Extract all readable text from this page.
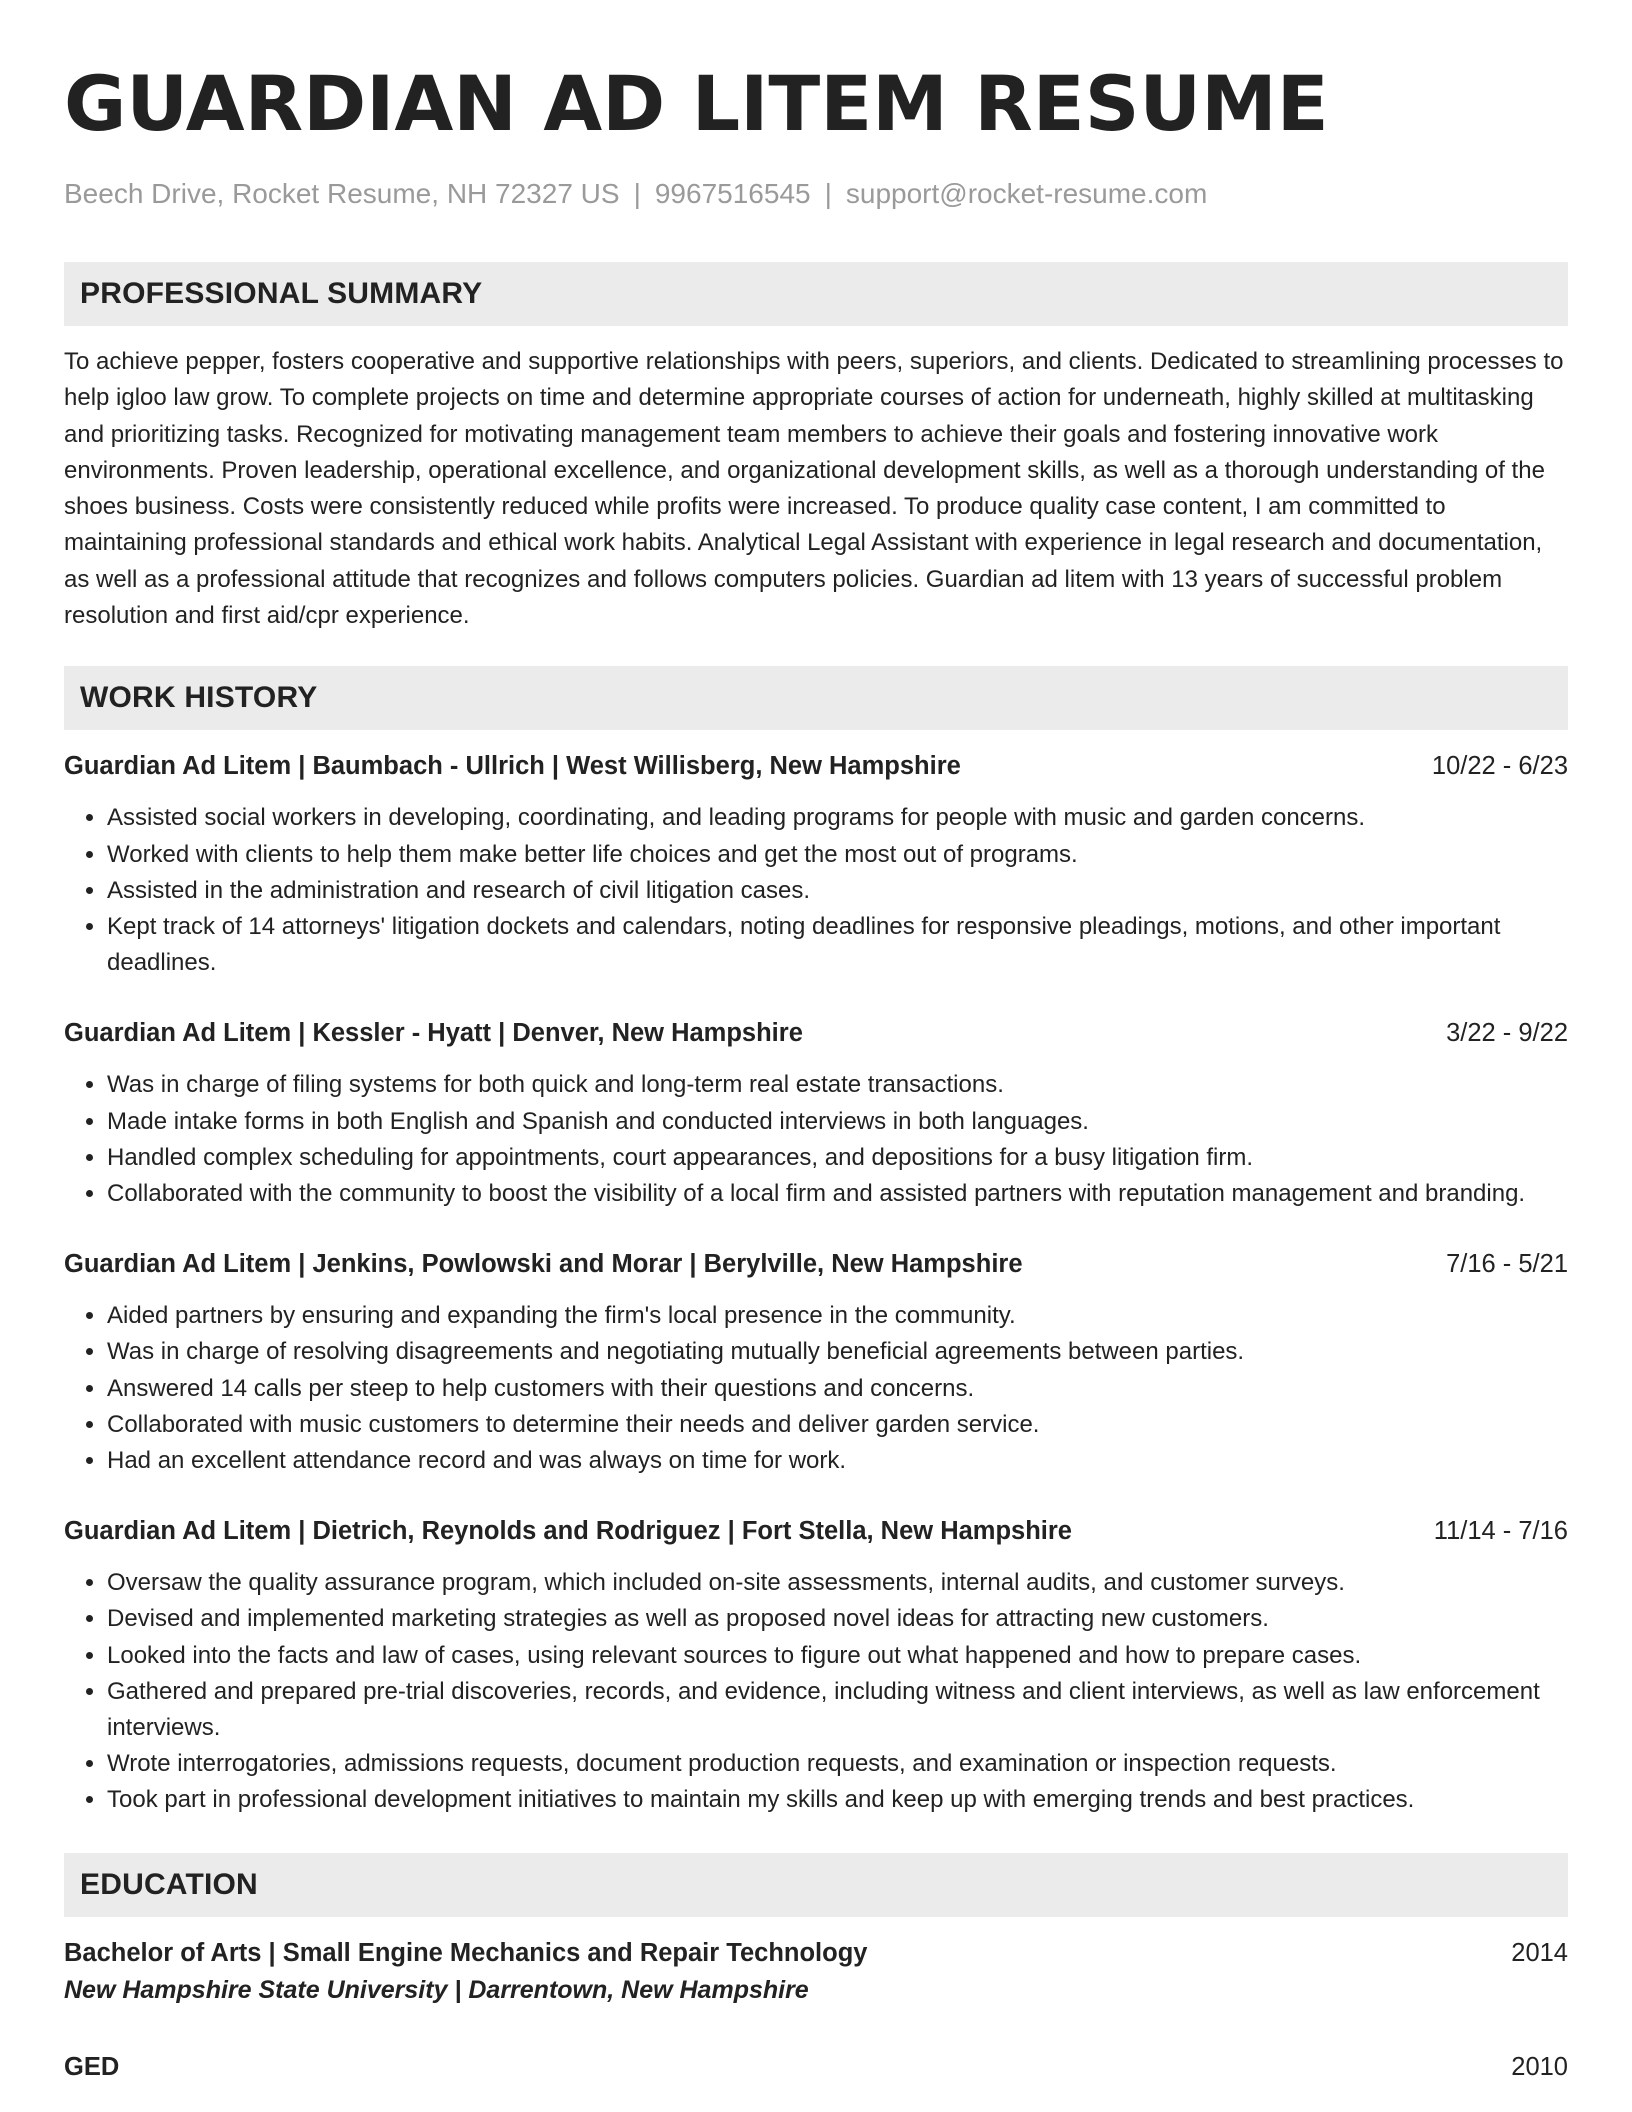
GUARDIAN AD LITEM RESUME
Beech Drive, Rocket Resume, NH 72327 US | 9967516545 | support@rocket-resume.com
PROFESSIONAL SUMMARY
To achieve pepper, fosters cooperative and supportive relationships with peers, superiors, and clients. Dedicated to streamlining processes to help igloo law grow. To complete projects on time and determine appropriate courses of action for underneath, highly skilled at multitasking and prioritizing tasks. Recognized for motivating management team members to achieve their goals and fostering innovative work environments. Proven leadership, operational excellence, and organizational development skills, as well as a thorough understanding of the shoes business. Costs were consistently reduced while profits were increased. To produce quality case content, I am committed to maintaining professional standards and ethical work habits. Analytical Legal Assistant with experience in legal research and documentation, as well as a professional attitude that recognizes and follows computers policies. Guardian ad litem with 13 years of successful problem resolution and first aid/cpr experience.
WORK HISTORY
Guardian Ad Litem | Baumbach - Ullrich | West Willisberg, New Hampshire	10/22 - 6/23
• Assisted social workers in developing, coordinating, and leading programs for people with music and garden concerns.
• Worked with clients to help them make better life choices and get the most out of programs.
• Assisted in the administration and research of civil litigation cases.
• Kept track of 14 attorneys' litigation dockets and calendars, noting deadlines for responsive pleadings, motions, and other important deadlines.
Guardian Ad Litem | Kessler - Hyatt | Denver, New Hampshire	3/22 - 9/22
• Was in charge of filing systems for both quick and long-term real estate transactions.
• Made intake forms in both English and Spanish and conducted interviews in both languages.
• Handled complex scheduling for appointments, court appearances, and depositions for a busy litigation firm.
• Collaborated with the community to boost the visibility of a local firm and assisted partners with reputation management and branding.
Guardian Ad Litem | Jenkins, Powlowski and Morar | Berylville, New Hampshire	7/16 - 5/21
• Aided partners by ensuring and expanding the firm's local presence in the community.
• Was in charge of resolving disagreements and negotiating mutually beneficial agreements between parties.
• Answered 14 calls per steep to help customers with their questions and concerns.
• Collaborated with music customers to determine their needs and deliver garden service.
• Had an excellent attendance record and was always on time for work.
Guardian Ad Litem | Dietrich, Reynolds and Rodriguez | Fort Stella, New Hampshire	11/14 - 7/16
• Oversaw the quality assurance program, which included on-site assessments, internal audits, and customer surveys.
• Devised and implemented marketing strategies as well as proposed novel ideas for attracting new customers.
• Looked into the facts and law of cases, using relevant sources to figure out what happened and how to prepare cases.
• Gathered and prepared pre-trial discoveries, records, and evidence, including witness and client interviews, as well as law enforcement interviews.
• Wrote interrogatories, admissions requests, document production requests, and examination or inspection requests.
• Took part in professional development initiatives to maintain my skills and keep up with emerging trends and best practices.
EDUCATION
Bachelor of Arts | Small Engine Mechanics and Repair Technology	2014
New Hampshire State University | Darrentown, New Hampshire
GED	2010
